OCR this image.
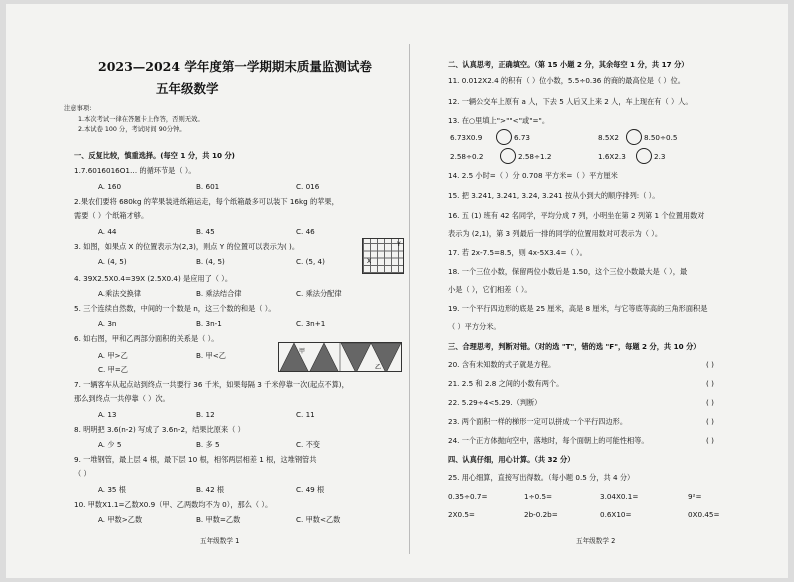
2023—2024 学年度第一学期期末质量监测试卷
五年级数学
注意事项:
1.本次考试一律在答题卡上作答，否则无效。
2.本试卷 100 分，考试时间 90分钟。
一、反复比较，慎重选择。(每空 1 分，共 10 分)
1.7.6016016O1… 的循环节是（ ）。
A. 160	B. 601	C. 016
2.果农们要将 680kg 的苹果装进纸箱运走，每个纸箱最多可以装下 16kg 的苹果，
需要（ ）个纸箱才够。
A. 44	B. 45	C. 46
3. 如图，如果点 X 的位置表示为(2,3)，则点 Y 的位置可以表示为( )。
X
Y
A. (4, 5)	B. (4, 5)	C. (5, 4)
4. 39X2.5X0.4=39X (2.5X0.4) 是应用了（ ）。
A.乘法交换律	B. 乘法结合律	C. 乘法分配律
5. 三个连续自然数，中间的一个数是 n，这三个数的和是（ ）。
A. 3n	B. 3n-1	C. 3n+1
6. 如右图，甲和乙两部分面积的关系是（ ）。
甲
乙
A. 甲>乙	B. 甲<乙
C. 甲=乙
7. 一辆客车从起点站到终点一共要行 36 千米，如果每隔 3 千米停靠一次(起点不算)，
那么到终点一共停靠（ ）次。
A. 13	B. 12	C. 11
8. 明明把 3.6(n-2) 写成了 3.6n-2，结果比原来（ ）
A. 少 5	B. 多 5	C. 不变
9. 一堆钢管，最上层 4 根，最下层 10 根，相邻两层相差 1 根，这堆钢管共
（ ）
A. 35 根	B. 42 根	C. 49 根
10. 甲数X1.1=乙数X0.9（甲、乙两数均不为 0），那么（ ）。
A. 甲数>乙数	B. 甲数=乙数	C. 甲数<乙数
五年级数学 1
二、认真思考，正确填空。（第 15 小题 2 分，其余每空 1 分，共 17 分）
11. 0.012X2.4 的积有（ ）位小数，5.5÷0.36 的商的最高位是（ ）位。
12. 一辆公交车上原有 a 人，下去 5 人后又上来 2 人，车上现在有（ ）人。
13. 在○里填上">""<"或"="。
6.73X0.9	6.73	8.5X2	8.50÷0.5
2.58÷0.2	2.58÷1.2	1.6X2.3	2.3
14. 2.5 小时=（ ）分 0.708 平方米=（ ）平方厘米
15. 把 3.241, 3.241, 3.24, 3.241 按从小到大的顺序排列:（ ）。
16. 五 (1) 班有 42 名同学，平均分成 7 列，小明坐在第 2 列第 1 个位置用数对
表示为 (2,1)，第 3 列最后一排的同学的位置用数对可表示为（ ）。
17. 若 2x-7.5=8.5，则 4x-5X3.4=（ ）。
18. 一个三位小数，保留两位小数后是 1.50，这个三位小数最大是（ ），最
小是（ ），它们相差（ ）。
19. 一个平行四边形的底是 25 厘米，高是 8 厘米，与它等底等高的三角形面积是
（ ）平方分米。
三、合理思考，判断对错。（对的选 "T"，错的选 "F"，每题 2 分，共 10 分）
20. 含有未知数的式子就是方程。	( )
21. 2.5 和 2.8 之间的小数有两个。	( )
22. 5.29÷4<5.29.（判断）	( )
23. 两个面积一样的梯形一定可以拼成一个平行四边形。	( )
24. 一个正方体抛向空中，落地时，每个面朝上的可能性相等。	( )
四、认真仔细，用心计算。（共 32 分）
25. 用心细算，直接写出得数。（每小题 0.5 分，共 4 分）
0.35÷0.7=	1÷0.5=	3.04X0.1=	9²=
2X0.5=	2b-0.2b=	0.6X10=	0X0.45=
五年级数学 2
